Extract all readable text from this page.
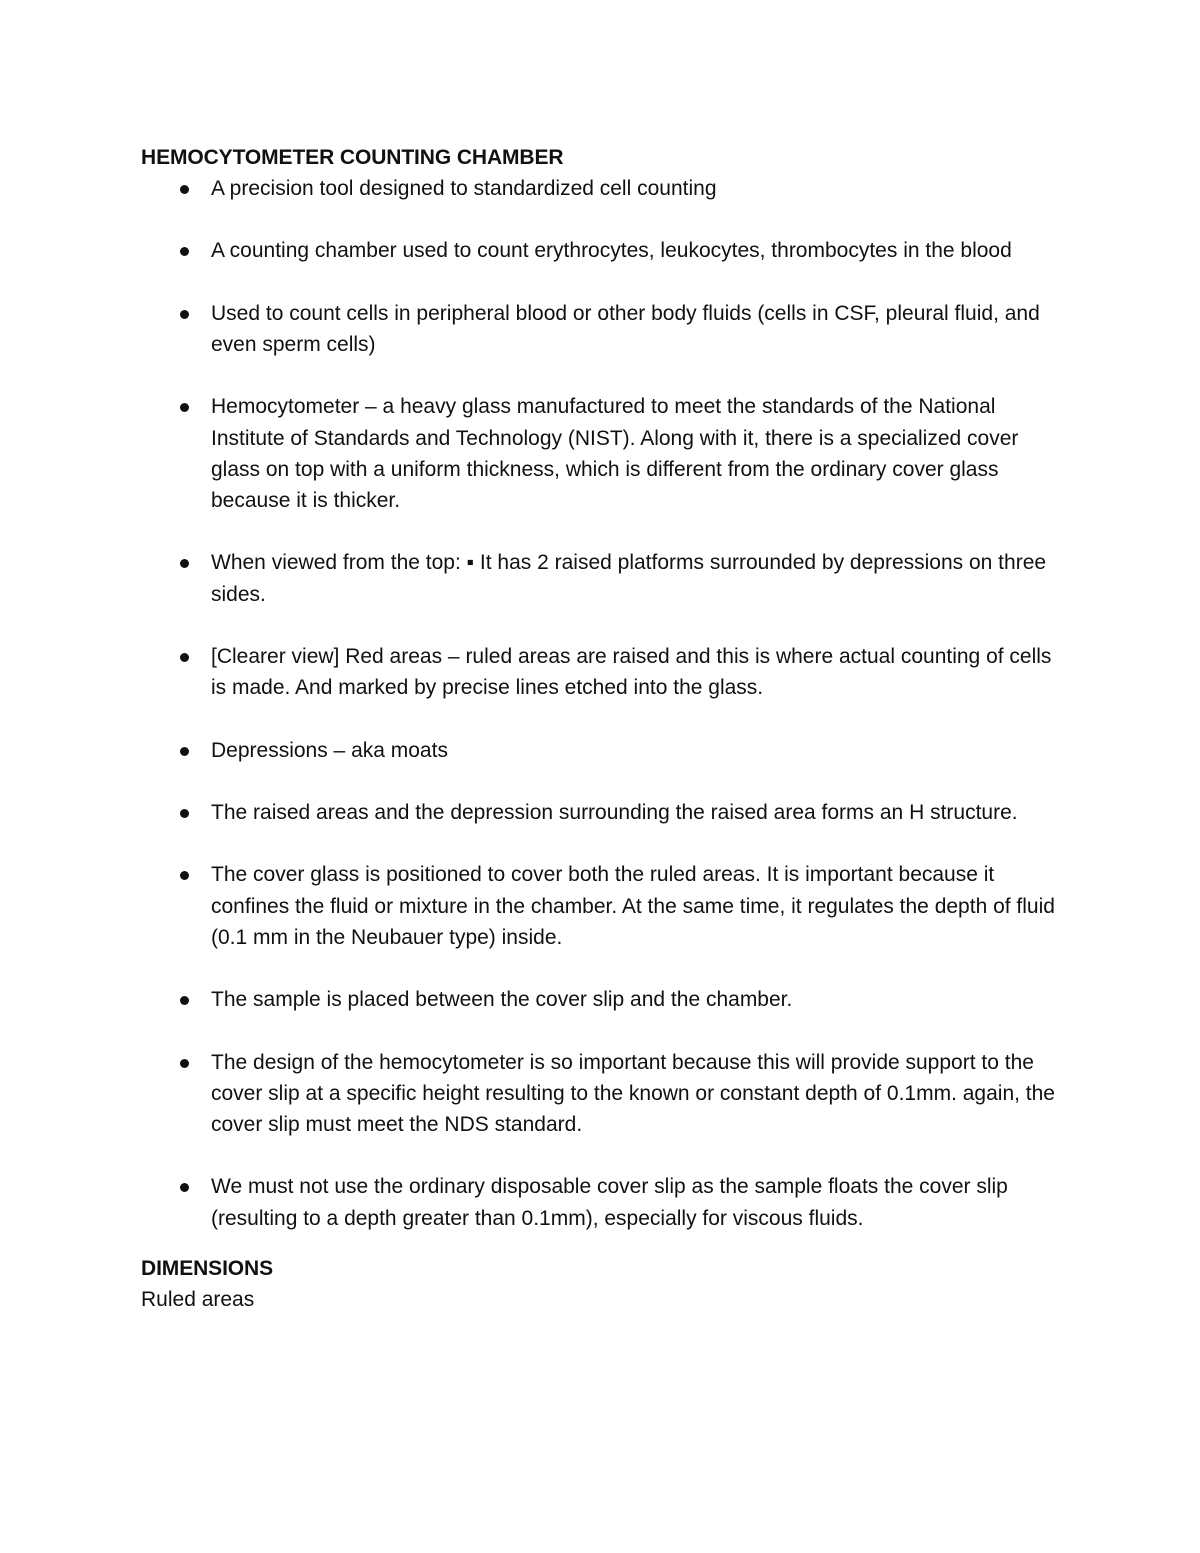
HEMOCYTOMETER COUNTING CHAMBER
A precision tool designed to standardized cell counting
A counting chamber used to count erythrocytes, leukocytes, thrombocytes in the blood
Used to count cells in peripheral blood or other body fluids (cells in CSF, pleural fluid, and even sperm cells)
Hemocytometer – a heavy glass manufactured to meet the standards of the National Institute of Standards and Technology (NIST). Along with it, there is a specialized cover glass on top with a uniform thickness, which is different from the ordinary cover glass because it is thicker.
When viewed from the top: ▪ It has 2 raised platforms surrounded by depressions on three sides.
[Clearer view] Red areas – ruled areas are raised and this is where actual counting of cells is made. And marked by precise lines etched into the glass.
Depressions – aka moats
The raised areas and the depression surrounding the raised area forms an H structure.
The cover glass is positioned to cover both the ruled areas. It is important because it confines the fluid or mixture in the chamber. At the same time, it regulates the depth of fluid (0.1 mm in the Neubauer type) inside.
The sample is placed between the cover slip and the chamber.
The design of the hemocytometer is so important because this will provide support to the cover slip at a specific height resulting to the known or constant depth of 0.1mm. again, the cover slip must meet the NDS standard.
We must not use the ordinary disposable cover slip as the sample floats the cover slip (resulting to a depth greater than 0.1mm), especially for viscous fluids.
DIMENSIONS

Ruled areas
